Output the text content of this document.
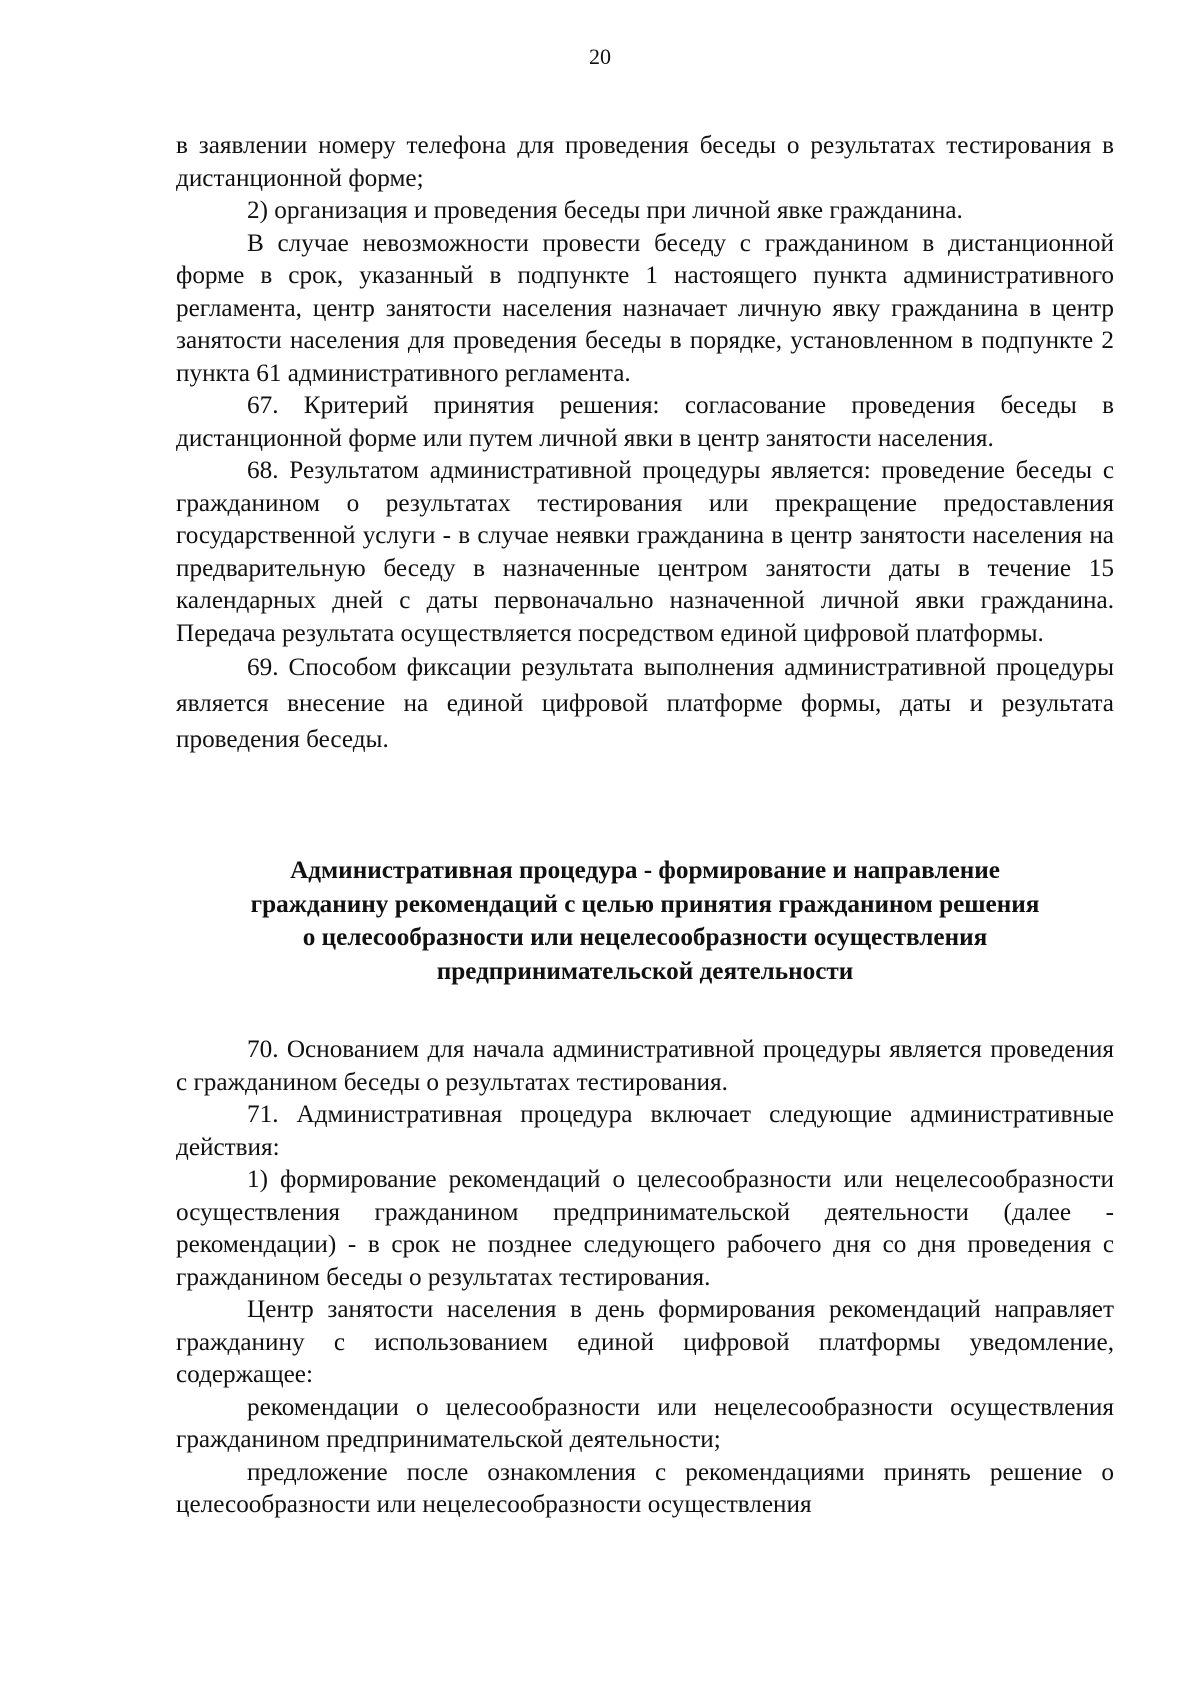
20

в заявлении номеру телефона для проведения беседы о результатах тестирования в дистанционной форме;

2) организация и проведения беседы при личной явке гражданина.

В случае невозможности провести беседу с гражданином в дистанционной форме в срок, указанный в подпункте 1 настоящего пункта административного регламента, центр занятости населения назначает личную явку гражданина в центр занятости населения для проведения беседы в порядке, установленном в подпункте 2 пункта 61 административного регламента.

67. Критерий принятия решения: согласование проведения беседы в дистанционной форме или путем личной явки в центр занятости населения.

68. Результатом административной процедуры является: проведение беседы с гражданином о результатах тестирования или прекращение предоставления государственной услуги - в случае неявки гражданина в центр занятости населения на предварительную беседу в назначенные центром занятости даты в течение 15 календарных дней с даты первоначально назначенной личной явки гражданина. Передача результата осуществляется посредством единой цифровой платформы.

69. Способом фиксации результата выполнения административной процедуры является внесение на единой цифровой платформе формы, даты и результата проведения беседы.

Административная процедура - формирование и направление
гражданину рекомендаций с целью принятия гражданином решения
о целесообразности или нецелесообразности осуществления
предпринимательской деятельности

70. Основанием для начала административной процедуры является проведения с гражданином беседы о результатах тестирования.

71. Административная процедура включает следующие административные действия:

1) формирование рекомендаций о целесообразности или нецелесообразности осуществления гражданином предпринимательской деятельности (далее - рекомендации) - в срок не позднее следующего рабочего дня со дня проведения с гражданином беседы о результатах тестирования.

Центр занятости населения в день формирования рекомендаций направляет гражданину с использованием единой цифровой платформы уведомление, содержащее:

рекомендации о целесообразности или нецелесообразности осуществления гражданином предпринимательской деятельности;

предложение после ознакомления с рекомендациями принять решение о целесообразности или нецелесообразности осуществления
